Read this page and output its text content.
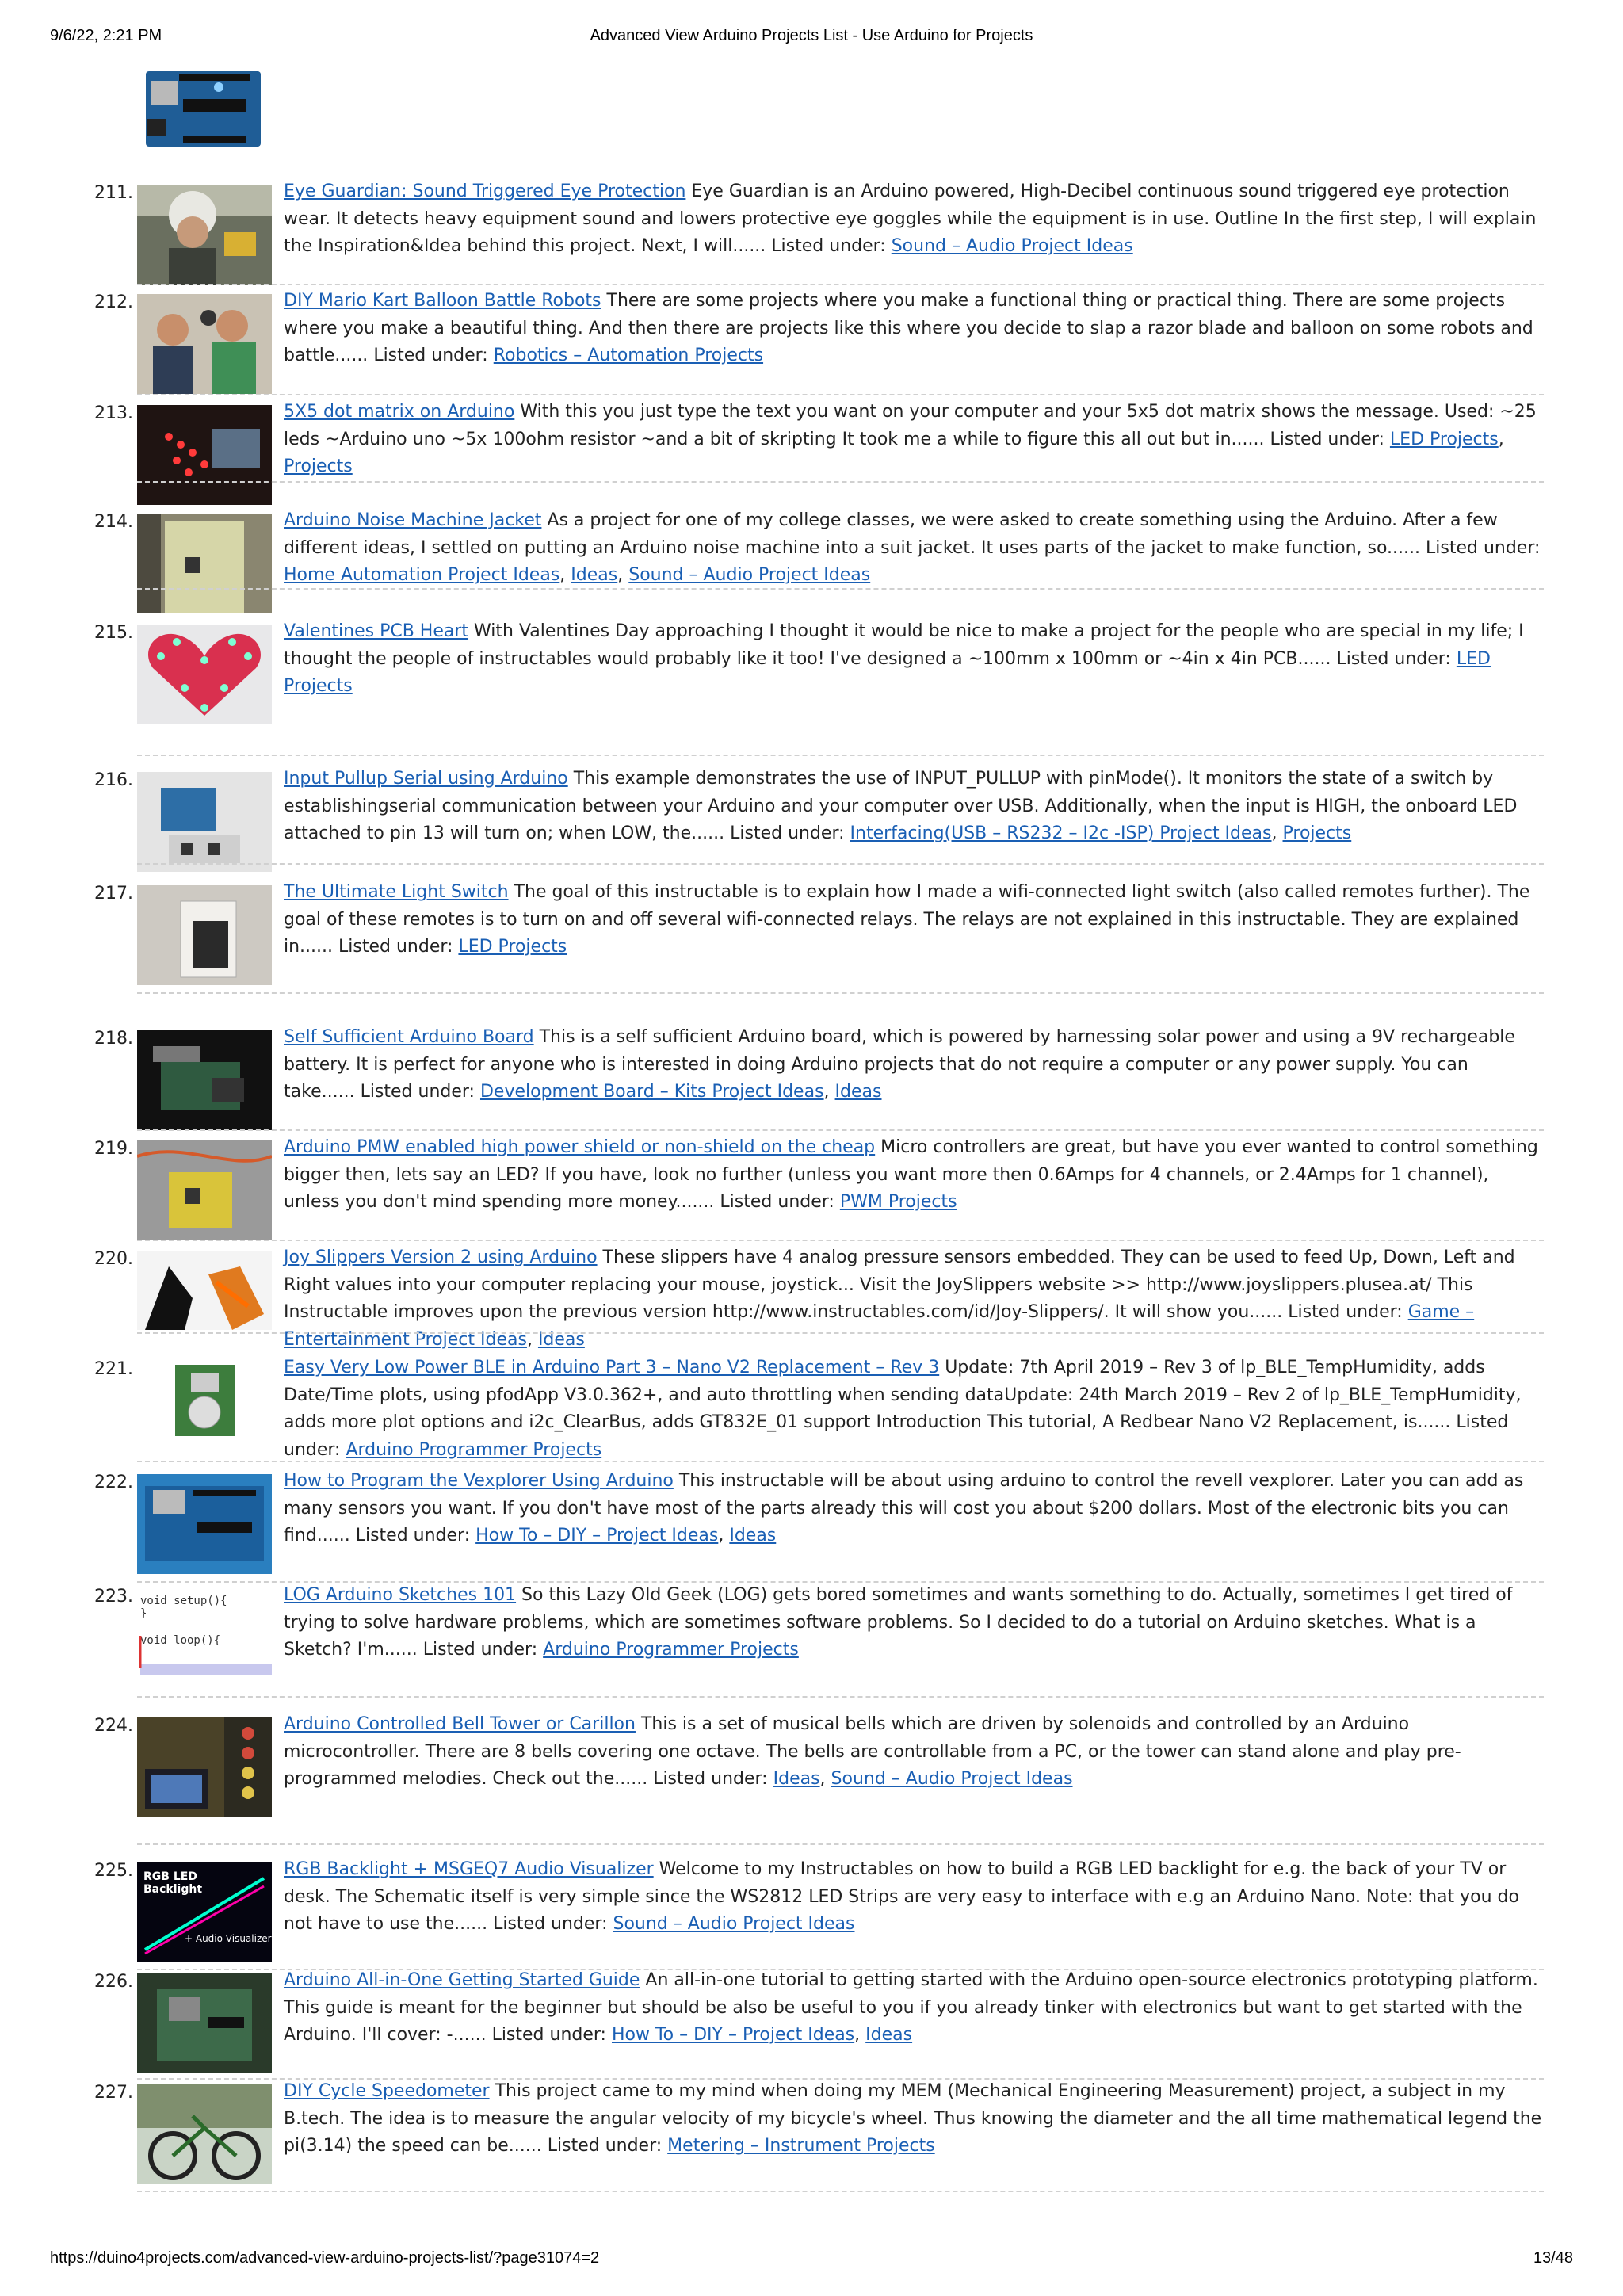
9/6/22, 2:21 PM	Advanced View Arduino Projects List - Use Arduino for Projects
211.	Eye Guardian: Sound Triggered Eye Protection Eye Guardian is an Arduino powered, High-Decibel continuous sound triggered eye protection wear. It detects heavy equipment sound and lowers protective eye goggles while the equipment is in use. Outline In the first step, I will explain the Inspiration&Idea behind this project. Next, I will...... Listed under: Sound – Audio Project Ideas
212.	DIY Mario Kart Balloon Battle Robots There are some projects where you make a functional thing or practical thing. There are some projects where you make a beautiful thing. And then there are projects like this where you decide to slap a razor blade and balloon on some robots and battle...... Listed under: Robotics – Automation Projects
213.	5X5 dot matrix on Arduino With this you just type the text you want on your computer and your 5x5 dot matrix shows the message. Used: ~25 leds ~Arduino uno ~5x 100ohm resistor ~and a bit of skripting It took me a while to figure this all out but in...... Listed under: LED Projects, Projects
214.	Arduino Noise Machine Jacket As a project for one of my college classes, we were asked to create something using the Arduino. After a few different ideas, I settled on putting an Arduino noise machine into a suit jacket. It uses parts of the jacket to make function, so...... Listed under: Home Automation Project Ideas, Ideas, Sound – Audio Project Ideas
215.	Valentines PCB Heart With Valentines Day approaching I thought it would be nice to make a project for the people who are special in my life; I thought the people of instructables would probably like it too! I've designed a ~100mm x 100mm or ~4in x 4in PCB...... Listed under: LED Projects
216.	Input Pullup Serial using Arduino This example demonstrates the use of INPUT_PULLUP with pinMode(). It monitors the state of a switch by establishingserial communication between your Arduino and your computer over USB. Additionally, when the input is HIGH, the onboard LED attached to pin 13 will turn on; when LOW, the...... Listed under: Interfacing(USB – RS232 – I2c -ISP) Project Ideas, Projects
217.	The Ultimate Light Switch The goal of this instructable is to explain how I made a wifi-connected light switch (also called remotes further). The goal of these remotes is to turn on and off several wifi-connected relays. The relays are not explained in this instructable. They are explained in...... Listed under: LED Projects
218.	Self Sufficient Arduino Board This is a self sufficient Arduino board, which is powered by harnessing solar power and using a 9V rechargeable battery. It is perfect for anyone who is interested in doing Arduino projects that do not require a computer or any power supply. You can take...... Listed under: Development Board – Kits Project Ideas, Ideas
219.	Arduino PMW enabled high power shield or non-shield on the cheap Micro controllers are great, but have you ever wanted to control something bigger then, lets say an LED? If you have, look no further (unless you want more then 0.6Amps for 4 channels, or 2.4Amps for 1 channel), unless you don't mind spending more money....... Listed under: PWM Projects
220.	Joy Slippers Version 2 using Arduino These slippers have 4 analog pressure sensors embedded. They can be used to feed Up, Down, Left and Right values into your computer replacing your mouse, joystick... Visit the JoySlippers website >> http://www.joyslippers.plusea.at/ This Instructable improves upon the previous version http://www.instructables.com/id/Joy-Slippers/. It will show you...... Listed under: Game – Entertainment Project Ideas, Ideas
221.	Easy Very Low Power BLE in Arduino Part 3 – Nano V2 Replacement – Rev 3 Update: 7th April 2019 – Rev 3 of lp_BLE_TempHumidity, adds Date/Time plots, using pfodApp V3.0.362+, and auto throttling when sending dataUpdate: 24th March 2019 – Rev 2 of lp_BLE_TempHumidity, adds more plot options and i2c_ClearBus, adds GT832E_01 support Introduction This tutorial, A Redbear Nano V2 Replacement, is...... Listed under: Arduino Programmer Projects
222.	How to Program the Vexplorer Using Arduino This instructable will be about using arduino to control the revell vexplorer. Later you can add as many sensors you want. If you don't have most of the parts already this will cost you about $200 dollars. Most of the electronic bits you can find...... Listed under: How To – DIY – Project Ideas, Ideas
223. void setup(){
}
void loop(){
LOG Arduino Sketches 101 So this Lazy Old Geek (LOG) gets bored sometimes and wants something to do. Actually, sometimes I get tired of trying to solve hardware problems, which are sometimes software problems. So I decided to do a tutorial on Arduino sketches. What is a Sketch? I'm...... Listed under: Arduino Programmer Projects
224.	Arduino Controlled Bell Tower or Carillon This is a set of musical bells which are driven by solenoids and controlled by an Arduino microcontroller. There are 8 bells covering one octave. The bells are controllable from a PC, or the tower can stand alone and play pre-programmed melodies. Check out the...... Listed under: Ideas, Sound – Audio Project Ideas
225. RGB LED
Backlight
+ Audio Visualizer
RGB Backlight + MSGEQ7 Audio Visualizer Welcome to my Instructables on how to build a RGB LED backlight for e.g. the back of your TV or desk. The Schematic itself is very simple since the WS2812 LED Strips are very easy to interface with e.g an Arduino Nano. Note: that you do not have to use the...... Listed under: Sound – Audio Project Ideas
226.	Arduino All-in-One Getting Started Guide An all-in-one tutorial to getting started with the Arduino open-source electronics prototyping platform. This guide is meant for the beginner but should be also be useful to you if you already tinker with electronics but want to get started with the Arduino. I'll cover: -...... Listed under: How To – DIY – Project Ideas, Ideas
227.	DIY Cycle Speedometer This project came to my mind when doing my MEM (Mechanical Engineering Measurement) project, a subject in my B.tech. The idea is to measure the angular velocity of my bicycle's wheel. Thus knowing the diameter and the all time mathematical legend the pi(3.14) the speed can be...... Listed under: Metering – Instrument Projects
https://duino4projects.com/advanced-view-arduino-projects-list/?page31074=2	13/48
